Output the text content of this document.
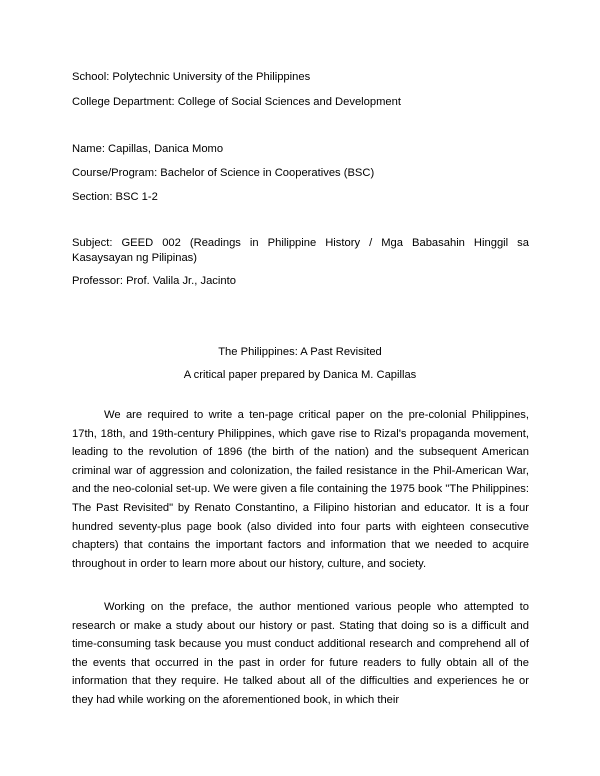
School: Polytechnic University of the Philippines
College Department: College of Social Sciences and Development
Name: Capillas, Danica Momo
Course/Program: Bachelor of Science in Cooperatives (BSC)
Section: BSC 1-2
Subject: GEED 002 (Readings in Philippine History / Mga Babasahin Hinggil sa
Kasaysayan ng Pilipinas)
Professor: Prof. Valila Jr., Jacinto
The Philippines: A Past Revisited
A critical paper prepared by Danica M. Capillas
We are required to write a ten-page critical paper on the pre-colonial Philippines, 17th, 18th, and 19th-century Philippines, which gave rise to Rizal's propaganda movement, leading to the revolution of 1896 (the birth of the nation) and the subsequent American criminal war of aggression and colonization, the failed resistance in the Phil-American War, and the neo-colonial set-up. We were given a file containing the 1975 book "The Philippines: The Past Revisited" by Renato Constantino, a Filipino historian and educator. It is a four hundred seventy-plus page book (also divided into four parts with eighteen consecutive chapters) that contains the important factors and information that we needed to acquire throughout in order to learn more about our history, culture, and society.
Working on the preface, the author mentioned various people who attempted to research or make a study about our history or past. Stating that doing so is a difficult and time-consuming task because you must conduct additional research and comprehend all of the events that occurred in the past in order for future readers to fully obtain all of the information that they require. He talked about all of the difficulties and experiences he or they had while working on the aforementioned book, in which their
